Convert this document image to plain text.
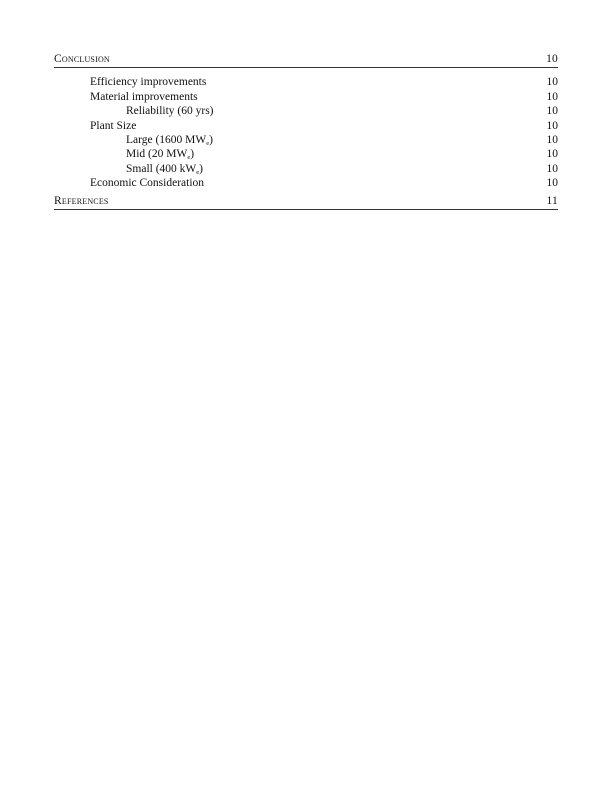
Conclusion	10
Efficiency improvements	10
Material improvements	10
Reliability (60 yrs)	10
Plant Size	10
Large (1600 $MW_e$)	10
Mid (20 $MW_e$)	10
Small (400 $kW_e$)	10
Economic Consideration	10
References	11
